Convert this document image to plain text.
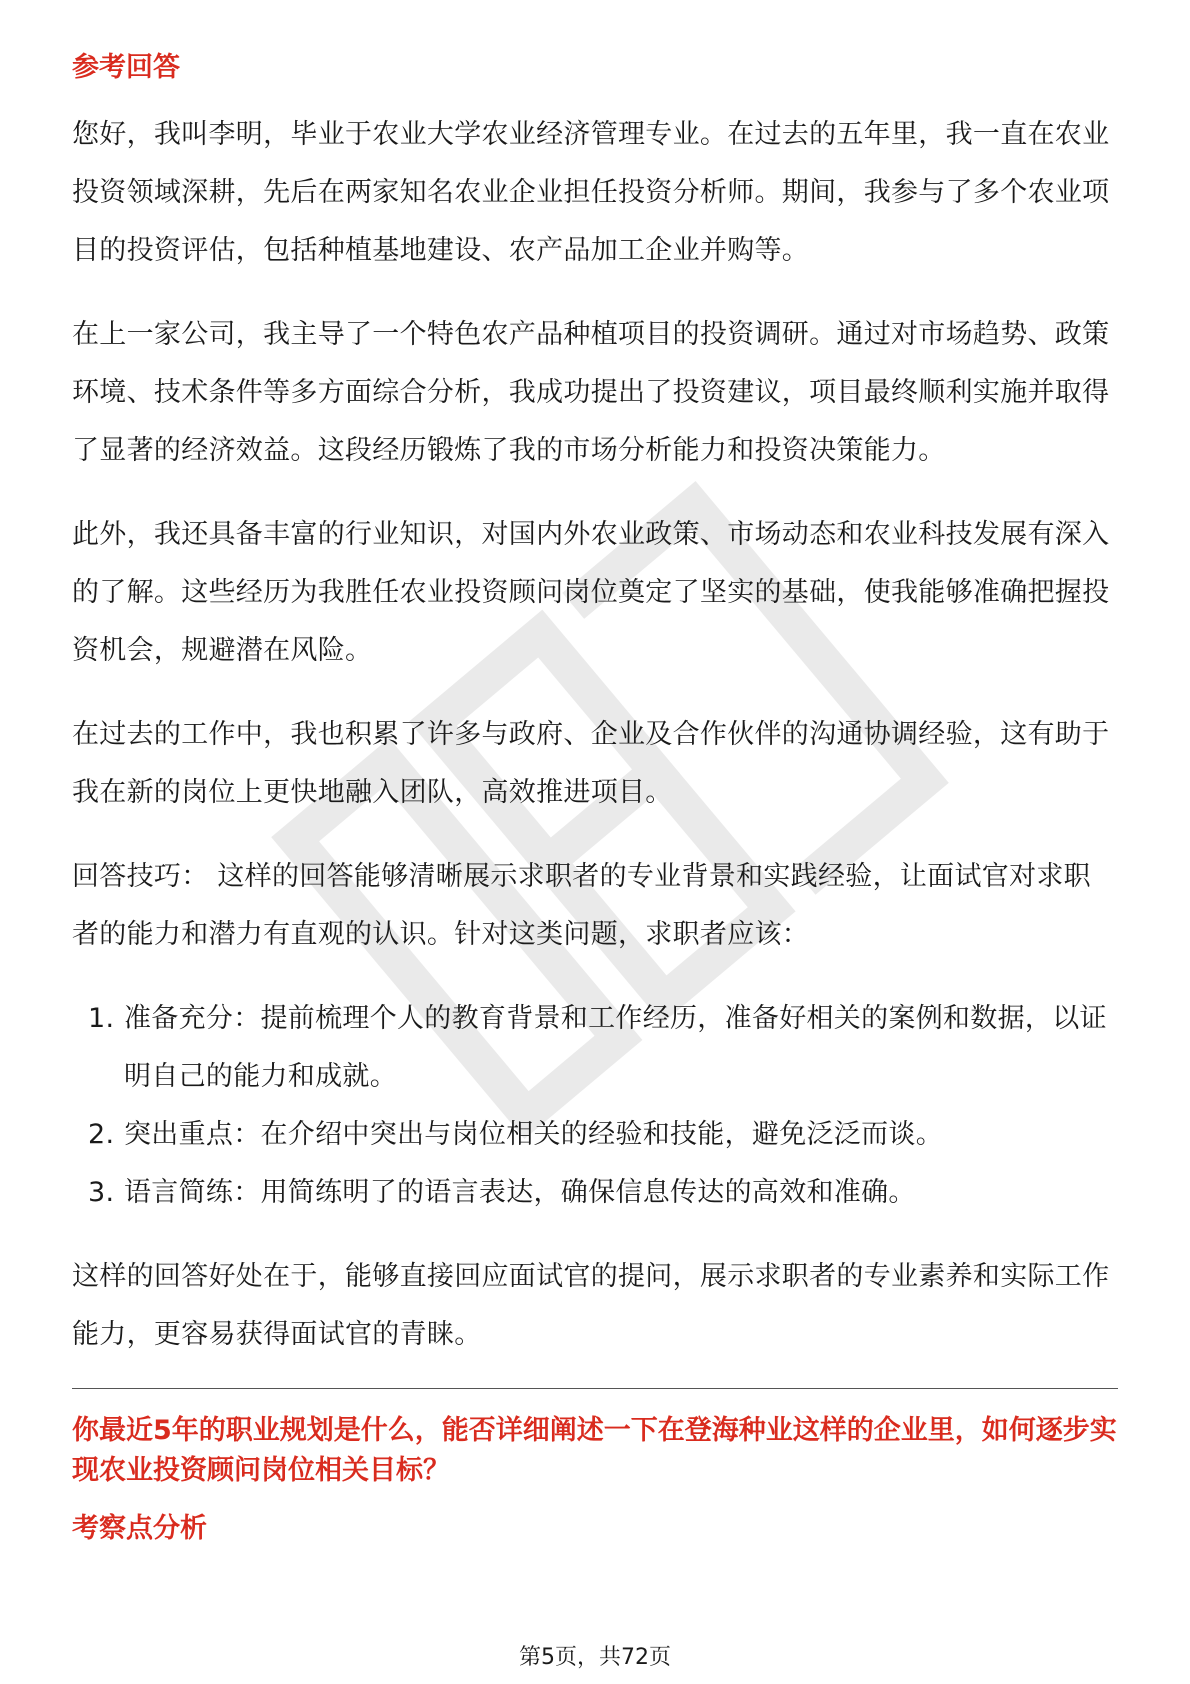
参考回答

您好，我叫李明，毕业于农业大学农业经济管理专业。在过去的五年里，我一直在农业投资领域深耕，先后在两家知名农业企业担任投资分析师。期间，我参与了多个农业项目的投资评估，包括种植基地建设、农产品加工企业并购等。

在上一家公司，我主导了一个特色农产品种植项目的投资调研。通过对市场趋势、政策环境、技术条件等多方面综合分析，我成功提出了投资建议，项目最终顺利实施并取得了显著的经济效益。这段经历锻炼了我的市场分析能力和投资决策能力。

此外，我还具备丰富的行业知识，对国内外农业政策、市场动态和农业科技发展有深入的了解。这些经历为我胜任农业投资顾问岗位奠定了坚实的基础，使我能够准确把握投资机会，规避潜在风险。

在过去的工作中，我也积累了许多与政府、企业及合作伙伴的沟通协调经验，这有助于我在新的岗位上更快地融入团队，高效推进项目。

回答技巧： 这样的回答能够清晰展示求职者的专业背景和实践经验，让面试官对求职者的能力和潜力有直观的认识。针对这类问题，求职者应该：

1. 准备充分：提前梳理个人的教育背景和工作经历，准备好相关的案例和数据，以证明自己的能力和成就。
2. 突出重点：在介绍中突出与岗位相关的经验和技能，避免泛泛而谈。
3. 语言简练：用简练明了的语言表达，确保信息传达的高效和准确。

这样的回答好处在于，能够直接回应面试官的提问，展示求职者的专业素养和实际工作能力，更容易获得面试官的青睐。

你最近5年的职业规划是什么，能否详细阐述一下在登海种业这样的企业里，如何逐步实现农业投资顾问岗位相关目标？

考察点分析
第5页，共72页
